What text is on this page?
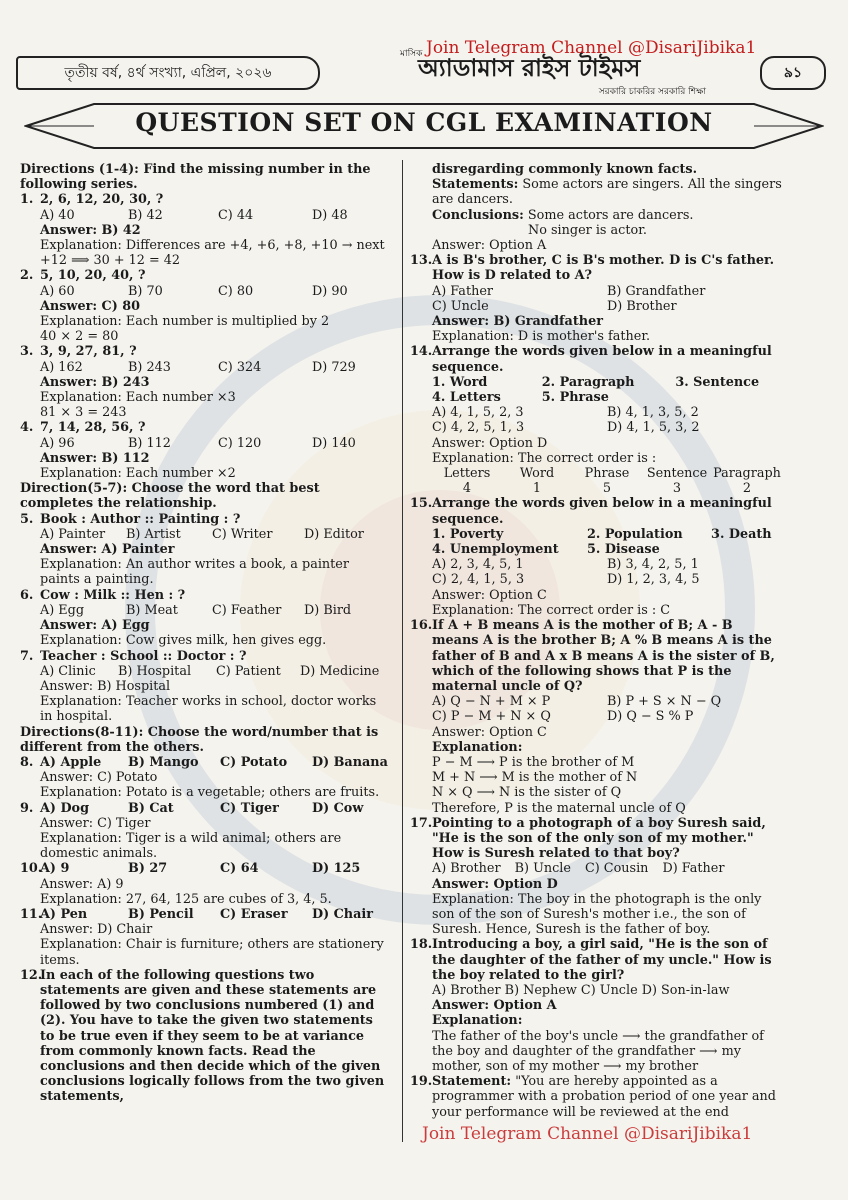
তৃতীয় বর্ষ, ৪র্থ সংখ্যা, এপ্রিল, ২০২৬
মাসিক
অ্যাডামাস রাইস টাইমস
সরকারি চাকরির সরকারি শিক্ষা
৯১
Join Telegram Channel @DisariJibika1
QUESTION SET ON CGL EXAMINATION
Directions (1-4): Find the missing number in the following series.
1. 2, 6, 12, 20, 30, ?
A) 40	B) 42	C) 44	D) 48
Answer: B) 42
Explanation: Differences are +4, +6, +8, +10 → next +12 ⟹ 30 + 12 = 42
2. 5, 10, 20, 40, ?
A) 60	B) 70	C) 80	D) 90
Answer: C) 80
Explanation: Each number is multiplied by 2
40 × 2 = 80
3. 3, 9, 27, 81, ?
A) 162	B) 243	C) 324	D) 729
Answer: B) 243
Explanation: Each number ×3
81 × 3 = 243
4. 7, 14, 28, 56, ?
A) 96	B) 112	C) 120	D) 140
Answer: B) 112
Explanation: Each number ×2
Direction(5-7): Choose the word that best completes the relationship.
5. Book : Author :: Painting : ?
A) Painter	B) Artist	C) Writer	D) Editor
Answer: A) Painter
Explanation: An author writes a book, a painter paints a painting.
6. Cow : Milk :: Hen : ?
A) Egg	B) Meat	C) Feather	D) Bird
Answer: A) Egg
Explanation: Cow gives milk, hen gives egg.
7. Teacher : School :: Doctor : ?
A) Clinic	B) Hospital	C) Patient	D) Medicine
Answer: B) Hospital
Explanation: Teacher works in school, doctor works in hospital.
Directions(8-11): Choose the word/number that is different from the others.
8. A) Apple	B) Mango	C) Potato	D) Banana
Answer: C) Potato
Explanation: Potato is a vegetable; others are fruits.
9. A) Dog	B) Cat	C) Tiger	D) Cow
Answer: C) Tiger
Explanation: Tiger is a wild animal; others are domestic animals.
10.
A) 9	B) 27	C) 64	D) 125
Answer: A) 9
Explanation: 27, 64, 125 are cubes of 3, 4, 5.
11.
A) Pen	B) Pencil	C) Eraser	D) Chair
Answer: D) Chair
Explanation: Chair is furniture; others are stationery items.
12.
In each of the following questions two statements are given and these statements are followed by two conclusions numbered (1) and (2). You have to take the given two statements to be true even if they seem to be at variance from commonly known facts. Read the conclusions and then decide which of the given conclusions logically follows from the two given statements,
disregarding commonly known facts.
Statements: Some actors are singers. All the singers are dancers.
Conclusions: Some actors are dancers.
No singer is actor.
Answer: Option A
13. A is B's brother, C is B's mother. D is C's father. How is D related to A?
A) Father	B) Grandfather
C) Uncle	D) Brother
Answer: B) Grandfather
Explanation: D is mother's father.
14. Arrange the words given below in a meaningful sequence.
1. Word	2. Paragraph	3. Sentence
4. Letters	5. Phrase
A) 4, 1, 5, 2, 3	B) 4, 1, 3, 5, 2
C) 4, 2, 5, 1, 3	D) 4, 1, 5, 3, 2
Answer: Option D
Explanation: The correct order is :
Letters	Word	Phrase	Sentence Paragraph
4	1	5	3	2
15. Arrange the words given below in a meaningful sequence.
1. Poverty	2. Population	3. Death
4. Unemployment	5. Disease
A) 2, 3, 4, 5, 1	B) 3, 4, 2, 5, 1
C) 2, 4, 1, 5, 3	D) 1, 2, 3, 4, 5
Answer: Option C
Explanation: The correct order is : C
16. If A + B means A is the mother of B; A - B means A is the brother B; A % B means A is the father of B and A x B means A is the sister of B, which of the following shows that P is the maternal uncle of Q?
A) Q − N + M × P	B) P + S × N − Q
C) P − M + N × Q	D) Q − S % P
Answer: Option C
Explanation:
P − M ⟶ P is the brother of M
M + N ⟶ M is the mother of N
N × Q ⟶ N is the sister of Q
Therefore, P is the maternal uncle of Q
17. Pointing to a photograph of a boy Suresh said, "He is the son of the only son of my mother." How is Suresh related to that boy?
A) Brother B) Uncle C) Cousin D) Father
Answer: Option D
Explanation: The boy in the photograph is the only son of the son of Suresh's mother i.e., the son of Suresh. Hence, Suresh is the father of boy.
18. Introducing a boy, a girl said, "He is the son of the daughter of the father of my uncle." How is the boy related to the girl?
A) Brother B) Nephew C) Uncle D) Son-in-law
Answer: Option A
Explanation:
The father of the boy's uncle ⟶ the grandfather of the boy and daughter of the grandfather ⟶ my mother, son of my mother ⟶ my brother
19. Statement: "You are hereby appointed as a programmer with a probation period of one year and your performance will be reviewed at the end
Join Telegram Channel @DisariJibika1
